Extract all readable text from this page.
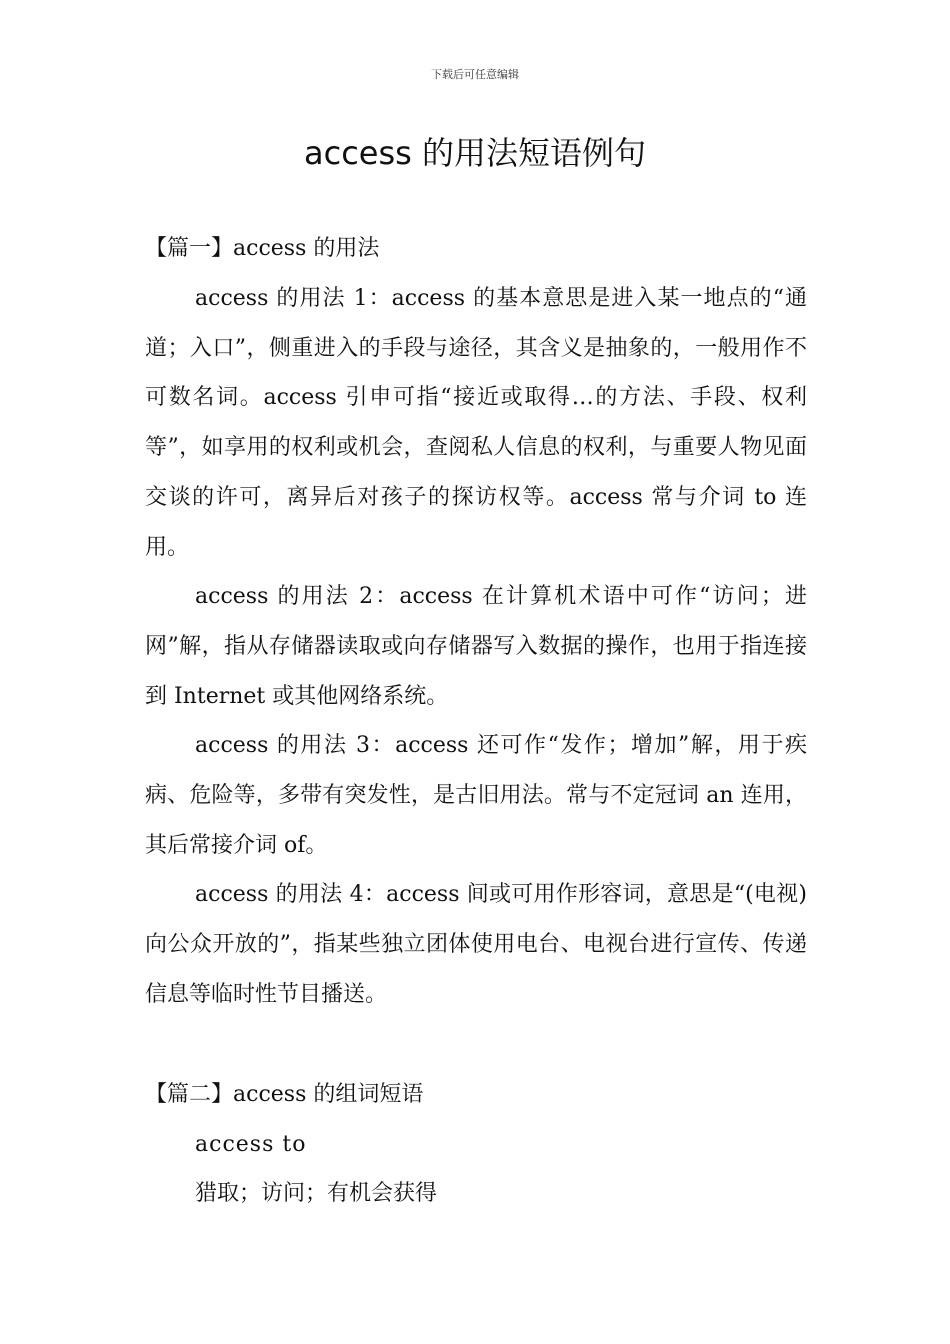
下载后可任意编辑
access 的用法短语例句

【篇一】access 的用法

access 的用法 1：access 的基本意思是进入某一地点的“通道；入口”，侧重进入的手段与途径，其含义是抽象的，一般用作不可数名词。access 引申可指“接近或取得…的方法、手段、权利等”，如享用的权利或机会，查阅私人信息的权利，与重要人物见面交谈的许可，离异后对孩子的探访权等。access 常与介词 to 连用。

access 的用法 2：access 在计算机术语中可作“访问；进网”解，指从存储器读取或向存储器写入数据的操作，也用于指连接到 Internet 或其他网络系统。

access 的用法 3：access 还可作“发作；增加”解，用于疾病、危险等，多带有突发性，是古旧用法。常与不定冠词 an 连用，其后常接介词 of。

access 的用法 4：access 间或可用作形容词，意思是“(电视)向公众开放的”，指某些独立团体使用电台、电视台进行宣传、传递信息等临时性节目播送。

【篇二】access 的组词短语

access to

猎取；访问；有机会获得
